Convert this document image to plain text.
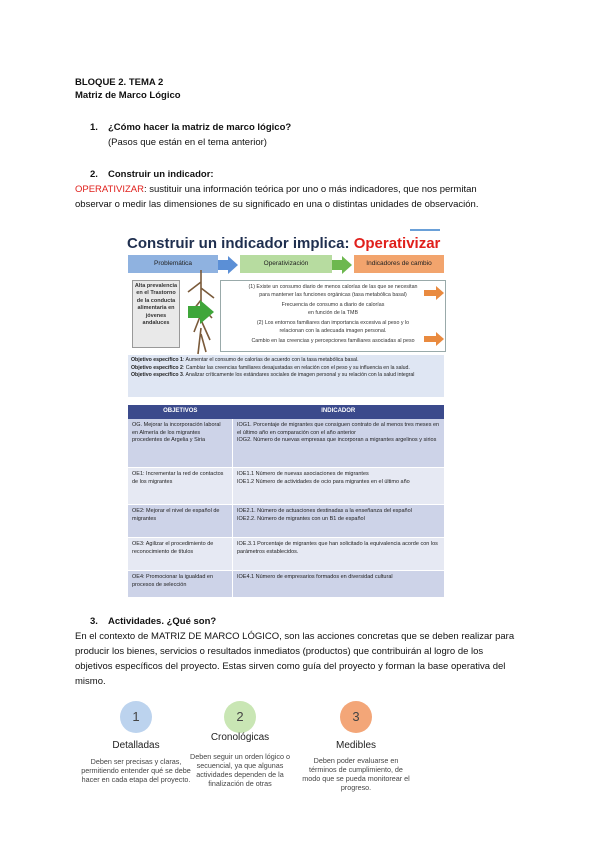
BLOQUE 2. TEMA 2
Matriz de Marco Lógico
1. ¿Cómo hacer la matriz de marco lógico?
(Pasos que están en el tema anterior)
2. Construir un indicador:
OPERATIVIZAR: sustituir una información teórica por uno o más indicadores, que nos permitan
observar o medir las dimensiones de su significado en una o distintas unidades de observación.
Construir un indicador implica: Operativizar
Problemática	Operativización	Indicadores de cambio
Alta prevalencia en el Trastorno de la conducta alimentaria en jóvenes andaluces
(1) Existe un consumo diario de menos calorías de las que se necesitan
para mantener las funciones orgánicas (tasa metabólica basal)
Frecuencia de consumo a diario de calorías
en función de la TMB
(2) Los entornos familiares dan importancia excesiva al peso y lo
relacionan con la adecuada imagen personal.
Cambio en las creencias y percepciones familiares asociadas al peso
Objetivo específico 1: Aumentar el consumo de calorías de acuerdo con la tasa metabólica basal.
Objetivo específico 2: Cambiar las creencias familiares desajustadas en relación con el peso y su influencia en la salud.
Objetivo específico 3. Analizar críticamente los estándares sociales de imagen personal y su relación con la salud integral
OBJETIVOS	INDICADOR
OG. Mejorar la incorporación laboral en Almería de los migrantes procedentes de Argelia y Siria	IOG1. Porcentaje de migrantes que consiguen contrato de al menos tres meses en el último año en comparación con el año anterior
IOG2. Número de nuevas empresas que incorporan a migrantes argelinos y sirios
OE1: Incrementar la red de contactos de los migrantes	IOE1.1 Número de nuevas asociaciones de migrantes
IOE1.2 Número de actividades de ocio para migrantes en el último año
OE2: Mejorar el nivel de español de migrantes	IOE2.1. Número de actuaciones destinadas a la enseñanza del español
IOE2.2. Número de migrantes con un B1 de español
OE3: Agilizar el procedimiento de reconocimiento de títulos	IOE.3.1 Porcentaje de migrantes que han solicitado la equivalencia acorde con los parámetros establecidos.
OE4: Promocionar la igualdad en procesos de selección	IOE4.1 Número de empresarios formados en diversidad cultural
3. Actividades. ¿Qué son?
En el contexto de MATRIZ DE MARCO LÓGICO, son las acciones concretas que se deben realizar para
producir los bienes, servicios o resultados inmediatos (productos) que contribuirán al logro de los
objetivos específicos del proyecto. Estas sirven como guía del proyecto y forman la base operativa del
mismo.
1
Detalladas
Deben ser precisas y claras, permitiendo entender qué se debe hacer en cada etapa del proyecto.
2
Cronológicas
Deben seguir un orden lógico o secuencial, ya que algunas actividades dependen de la finalización de otras
3
Medibles
Deben poder evaluarse en términos de cumplimiento, de modo que se pueda monitorear el progreso.
